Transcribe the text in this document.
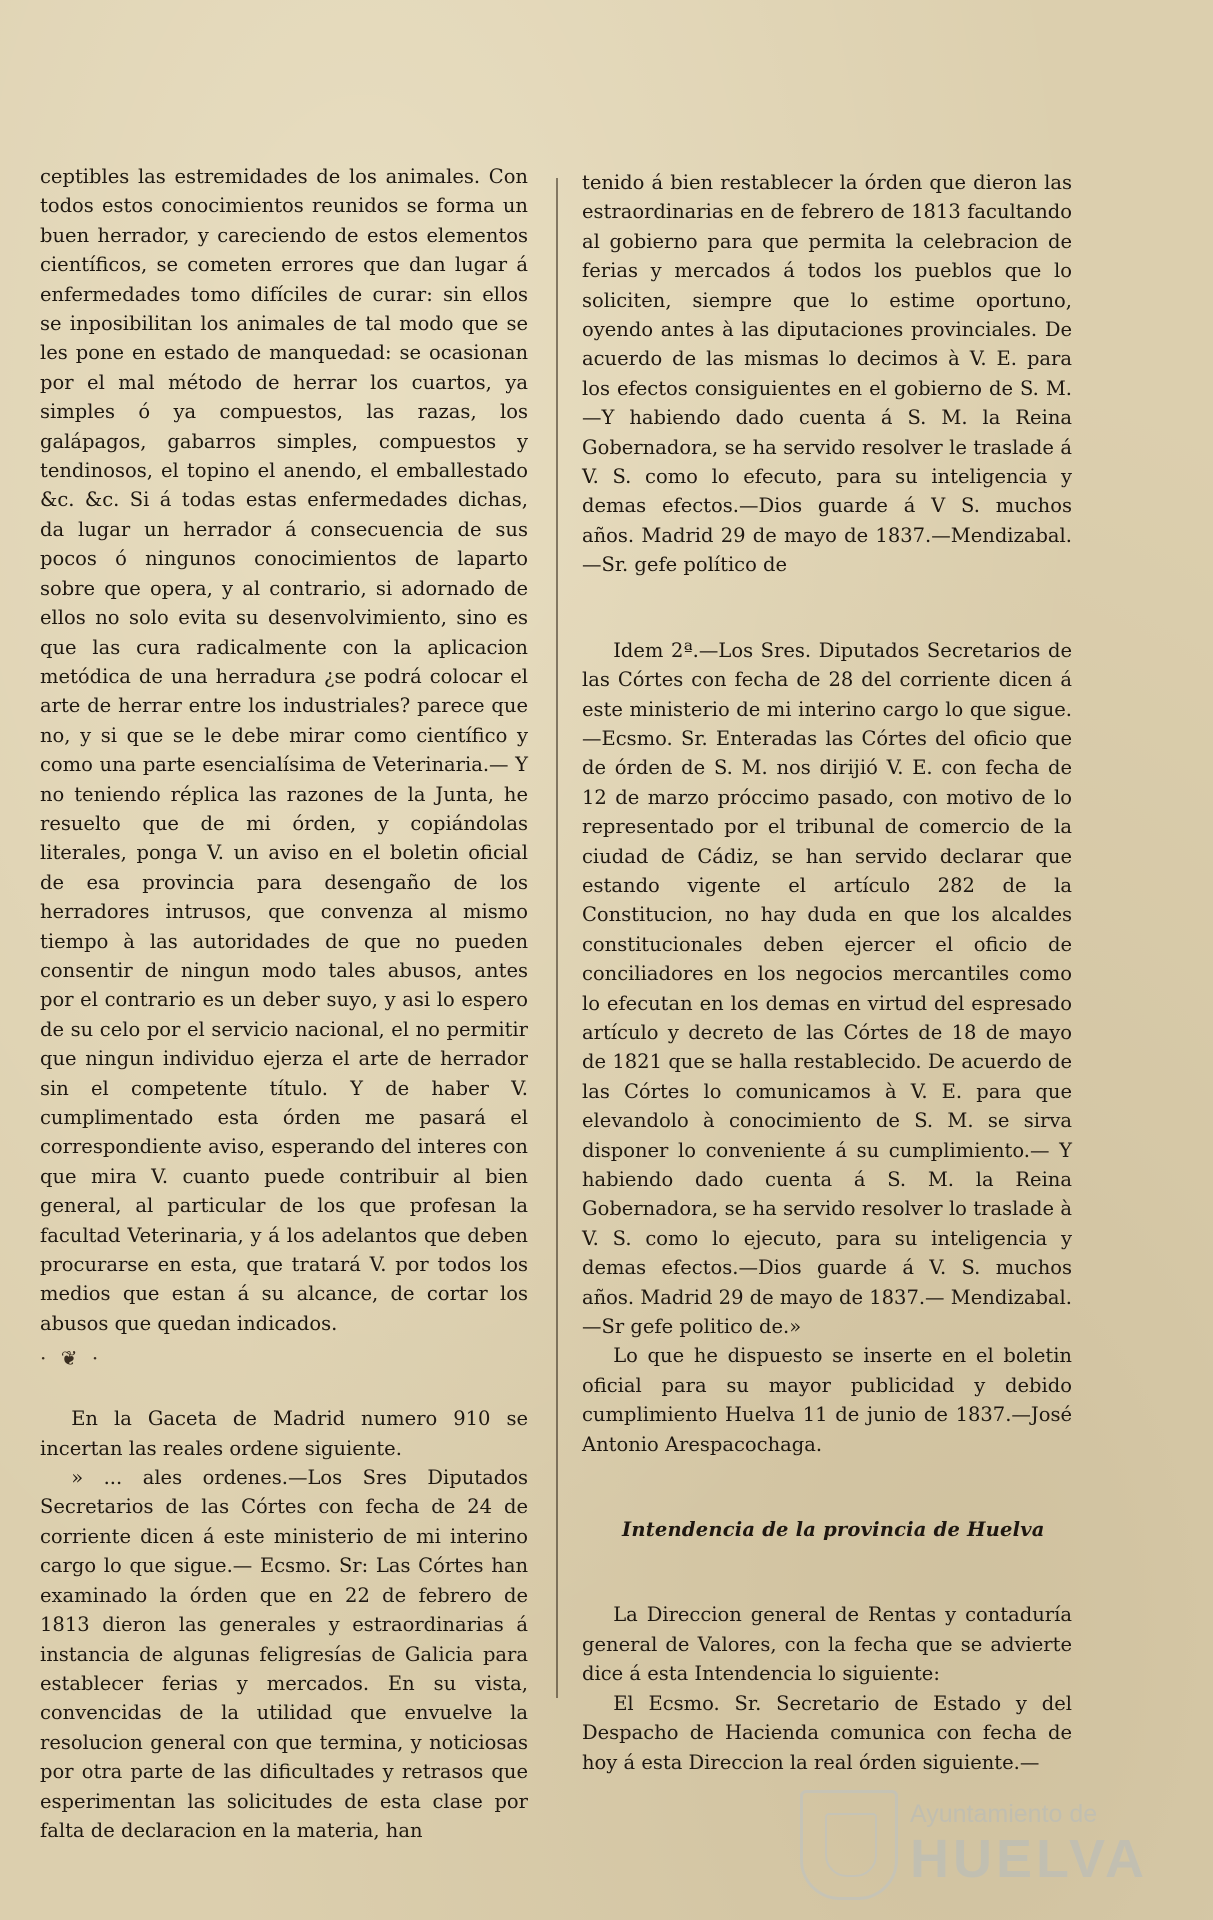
ceptibles las estremidades de los animales. Con todos estos conocimientos reunidos se forma un buen herrador, y careciendo de estos elementos científicos, se cometen errores que dan lugar á enfermedades tomo difíciles de curar: sin ellos se inposibilitan los animales de tal modo que se les pone en estado de manquedad: se ocasionan por el mal método de herrar los cuartos, ya simples ó ya compuestos, las razas, los galápagos, gabarros simples, compuestos y tendinosos, el topino el anendo, el emballestado &c. &c. Si á todas estas enfermedades dichas, da lugar un herrador á consecuencia de sus pocos ó ningunos conocimientos de laparto sobre que opera, y al contrario, si adornado de ellos no solo evita su desenvolvimiento, sino es que las cura radicalmente con la aplicacion metódica de una herradura ¿se podrá colocar el arte de herrar entre los industriales? parece que no, y si que se le debe mirar como científico y como una parte esencialísima de Veterinaria.— Y no teniendo réplica las razones de la Junta, he resuelto que de mi órden, y copiándolas literales, ponga V. un aviso en el boletin oficial de esa provincia para desengaño de los herradores intrusos, que convenza al mismo tiempo à las autoridades de que no pueden consentir de ningun modo tales abusos, antes por el contrario es un deber suyo, y asi lo espero de su celo por el servicio nacional, el no permitir que ningun individuo ejerza el arte de herrador sin el competente título. Y de haber V. cumplimentado esta órden me pasará el correspondiente aviso, esperando del interes con que mira V. cuanto puede contribuir al bien general, al particular de los que profesan la facultad Veterinaria, y á los adelantos que deben procurarse en esta, que tratará V. por todos los medios que estan á su alcance, de cortar los abusos que quedan indicados.

· ❦ ·

En la Gaceta de Madrid numero 910 se incertan las reales ordene siguiente.

» ... ales ordenes.—Los Sres Diputados Secretarios de las Córtes con fecha de 24 de corriente dicen á este ministerio de mi interino cargo lo que sigue.— Ecsmo. Sr: Las Córtes han examinado la órden que en 22 de febrero de 1813 dieron las generales y estraordinarias á instancia de algunas feligresías de Galicia para establecer ferias y mercados. En su vista, convencidas de la utilidad que envuelve la resolucion general con que termina, y noticiosas por otra parte de las dificultades y retrasos que esperimentan las solicitudes de esta clase por falta de declaracion en la materia, han

tenido á bien restablecer la órden que dieron las estraordinarias en de febrero de 1813 facultando al gobierno para que permita la celebracion de ferias y mercados á todos los pueblos que lo soliciten, siempre que lo estime oportuno, oyendo antes à las diputaciones provinciales. De acuerdo de las mismas lo decimos à V. E. para los efectos consiguientes en el gobierno de S. M.—Y habiendo dado cuenta á S. M. la Reina Gobernadora, se ha servido resolver le traslade á V. S. como lo efecuto, para su inteligencia y demas efectos.—Dios guarde á V S. muchos años. Madrid 29 de mayo de 1837.—Mendizabal.—Sr. gefe político de

Idem 2ª.—Los Sres. Diputados Secretarios de las Córtes con fecha de 28 del corriente dicen á este ministerio de mi interino cargo lo que sigue.—Ecsmo. Sr. Enteradas las Córtes del oficio que de órden de S. M. nos dirijió V. E. con fecha de 12 de marzo próccimo pasado, con motivo de lo representado por el tribunal de comercio de la ciudad de Cádiz, se han servido declarar que estando vigente el artículo 282 de la Constitucion, no hay duda en que los alcaldes constitucionales deben ejercer el oficio de conciliadores en los negocios mercantiles como lo efecutan en los demas en virtud del espresado artículo y decreto de las Córtes de 18 de mayo de 1821 que se halla restablecido. De acuerdo de las Córtes lo comunicamos à V. E. para que elevandolo à conocimiento de S. M. se sirva disponer lo conveniente á su cumplimiento.— Y habiendo dado cuenta á S. M. la Reina Gobernadora, se ha servido resolver lo traslade à V. S. como lo ejecuto, para su inteligencia y demas efectos.—Dios guarde á V. S. muchos años. Madrid 29 de mayo de 1837.— Mendizabal. —Sr gefe politico de.»

Lo que he dispuesto se inserte en el boletin oficial para su mayor publicidad y debido cumplimiento Huelva 11 de junio de 1837.—José Antonio Arespacochaga.

Intendencia de la provincia de Huelva

La Direccion general de Rentas y contaduría general de Valores, con la fecha que se advierte dice á esta Intendencia lo siguiente:

El Ecsmo. Sr. Secretario de Estado y del Despacho de Hacienda comunica con fecha de hoy á esta Direccion la real órden siguiente.—

Ayuntamiento de
HUELVA
